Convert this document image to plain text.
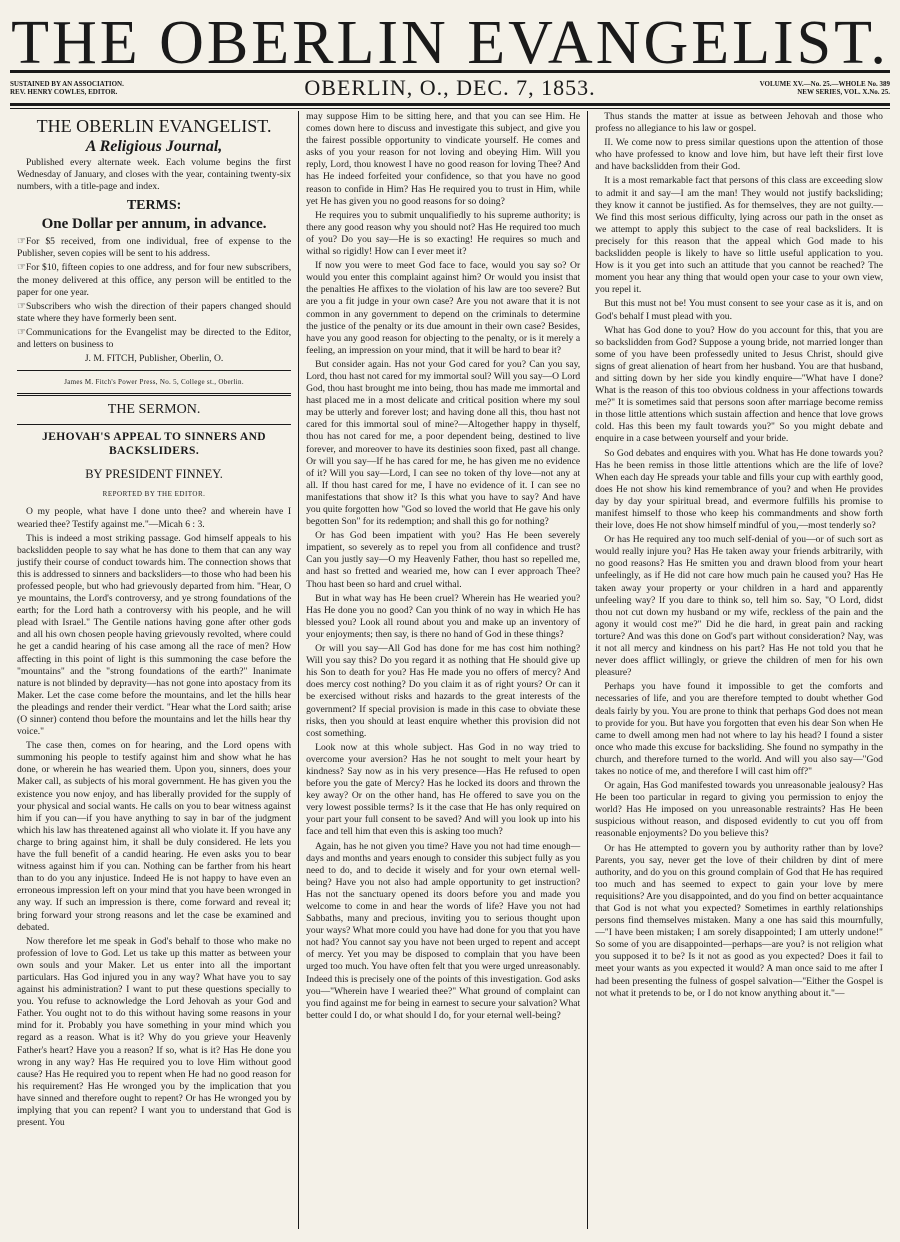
THE OBERLIN EVANGELIST.
SUSTAINED BY AN ASSOCIATION.
REV. HENRY COWLES, EDITOR.	OBERLIN, O., DEC. 7, 1853.	VOLUME XV.—No. 25.—WHOLE No. 389
NEW SERIES, VOL. X.No. 25.
THE OBERLIN EVANGELIST.
A Religious Journal,

Published every alternate week. Each volume begins the first Wednesday of January, and closes with the year, containing twenty-six numbers, with a title-page and index.

TERMS:
One Dollar per annum, in advance.
☞For $5 received, from one individual, free of expense to the Publisher, seven copies will be sent to his address.
☞For $10, fifteen copies to one address, and for four new subscribers, the money delivered at this office, any person will be entitled to the paper for one year.
☞Subscribers who wish the direction of their papers changed should state where they have formerly been sent.
☞Communications for the Evangelist may be directed to the Editor, and letters on business to
J. M. FITCH, Publisher, Oberlin, O.
James M. Fitch's Power Press, No. 5, College st., Oberlin.
THE SERMON.
JEHOVAH'S APPEAL TO SINNERS AND BACKSLIDERS.
BY PRESIDENT FINNEY.
REPORTED BY THE EDITOR.

O my people, what have I done unto thee? and wherein have I wearied thee? Testify against me."—Micah 6 : 3.

This is indeed a most striking passage. God himself appeals to his backslidden people to say what he has done to them that can any way justify their course of conduct towards him. The connection shows that this is addressed to sinners and backsliders—to those who had been his professed people, but who had grievously departed from him. "Hear, O ye mountains, the Lord's controversy, and ye strong foundations of the earth; for the Lord hath a controversy with his people, and he will plead with Israel." The Gentile nations having gone after other gods and all his own chosen people having grievously revolted, where could he get a candid hearing of his case among all the race of men? How affecting in this point of light is this summoning the case before the "mountains" and the "strong foundations of the earth?" Inanimate nature is not blinded by depravity—has not gone into apostacy from its Maker. Let the case come before the mountains, and let the hills hear the pleadings and render their verdict. "Hear what the Lord saith; arise (O sinner) contend thou before the mountains and let the hills hear thy voice."

The case then, comes on for hearing, and the Lord opens with summoning his people to testify against him and show what he has done, or wherein he has wearied them. Upon you, sinners, does your Maker call, as subjects of his moral government. He has given you the existence you now enjoy, and has liberally provided for the supply of your physical and social wants. He calls on you to bear witness against him if you can—if you have anything to say in bar of the judgment which his law has threatened against all who violate it. If you have any charge to bring against him, it shall be duly considered. He lets you have the full benefit of a candid hearing. He even asks you to bear witness against him if you can. Nothing can be farther from his heart than to do you any injustice. Indeed He is not happy to have even an erroneous impression left on your mind that you have been wronged in any way. If such an impression is there, come forward and reveal it; bring forward your strong reasons and let the case be examined and debated.

Now therefore let me speak in God's behalf to those who make no profession of love to God. Let us take up this matter as between your own souls and your Maker. Let us enter into all the important particulars. Has God injured you in any way? What have you to say against his administration? I want to put these questions specially to you. You refuse to acknowledge the Lord Jehovah as your God and Father. You ought not to do this without having some reasons in your mind for it. Probably you have something in your mind which you regard as a reason. What is it? Why do you grieve your Heavenly Father's heart? Have you a reason? If so, what is it? Has He done you wrong in any way? Has He required you to love Him without good cause? Has He required you to repent when He had no good reason for his requirement? Has He wronged you by the implication that you have sinned and therefore ought to repent? Or has He wronged you by implying that you can repent? I want you to understand that God is present. You

may suppose Him to be sitting here, and that you can see Him. He comes down here to discuss and investigate this subject, and give you the fairest possible opportunity to vindicate yourself. He comes and asks of you your reason for not loving and obeying Him. Will you reply, Lord, thou knowest I have no good reason for loving Thee? And has He indeed forfeited your confidence, so that you have no good reason to confide in Him? Has He required you to trust in Him, while yet He has given you no good reasons for so doing?

He requires you to submit unqualifiedly to his supreme authority; is there any good reason why you should not? Has He required too much of you? Do you say—He is so exacting! He requires so much and withal so rigidly! How can I ever meet it?

If now you were to meet God face to face, would you say so? Or would you enter this complaint against him? Or would you insist that the penalties He affixes to the violation of his law are too severe? But are you a fit judge in your own case? Are you not aware that it is not common in any government to depend on the criminals to determine the justice of the penalty or its due amount in their own case? Besides, have you any good reason for objecting to the penalty, or is it merely a feeling, an impression on your mind, that it will be hard to bear it?

But consider again. Has not your God cared for you? Can you say, Lord, thou hast not cared for my immortal soul? Will you say—O Lord God, thou hast brought me into being, thou has made me immortal and hast placed me in a most delicate and critical position where my soul may be utterly and forever lost; and having done all this, thou hast not cared for this immortal soul of mine?—Altogether happy in thyself, thou has not cared for me, a poor dependent being, destined to live forever, and moreover to have its destinies soon fixed, past all change. Or will you say—If he has cared for me, he has given me no evidence of it? Will you say—Lord, I can see no token of thy love—not any at all. If thou hast cared for me, I have no evidence of it. I can see no manifestations that show it? Is this what you have to say? And have you quite forgotten how "God so loved the world that He gave his only begotten Son" for its redemption; and shall this go for nothing?

Or has God been impatient with you? Has He been severely impatient, so severely as to repel you from all confidence and trust? Can you justly say—O my Heavenly Father, thou hast so repelled me, and hast so fretted and wearied me, how can I ever approach Thee? Thou hast been so hard and cruel withal.

But in what way has He been cruel? Wherein has He wearied you? Has He done you no good? Can you think of no way in which He has blessed you? Look all round about you and make up an inventory of your enjoyments; then say, is there no hand of God in these things?

Or will you say—All God has done for me has cost him nothing? Will you say this? Do you regard it as nothing that He should give up his Son to death for you? Has He made you no offers of mercy? And does mercy cost nothing? Do you claim it as of right yours? Or can it be exercised without risks and hazards to the great interests of the government? If special provision is made in this case to obviate these risks, then you should at least enquire whether this provision did not cost something.

Look now at this whole subject. Has God in no way tried to overcome your aversion? Has he not sought to melt your heart by kindness? Say now as in his very presence—Has He refused to open before you the gate of Mercy? Has he locked its doors and thrown the key away? Or on the other hand, has He offered to save you on the very lowest possible terms? Is it the case that He has only required on your part your full consent to be saved? And will you look up into his face and tell him that even this is asking too much?

Again, has he not given you time? Have you not had time enough—days and months and years enough to consider this subject fully as you need to do, and to decide it wisely and for your own eternal well-being? Have you not also had ample opportunity to get instruction? Has not the sanctuary opened its doors before you and made you welcome to come in and hear the words of life? Have you not had Sabbaths, many and precious, inviting you to serious thought upon your ways? What more could you have had done for you that you have not had? You cannot say you have not been urged to repent and accept of mercy. Yet you may be disposed to complain that you have been urged too much. You have often felt that you were urged unreasonably. Indeed this is precisely one of the points of this investigation. God asks you—"Wherein have I wearied thee?" What ground of complaint can you find against me for being in earnest to secure your salvation? What better could I do, or what should I do, for your eternal well-being?

Thus stands the matter at issue as between Jehovah and those who profess no allegiance to his law or gospel.

II. We come now to press similar questions upon the attention of those who have professed to know and love him, but have left their first love and have backslidden from their God.

It is a most remarkable fact that persons of this class are exceeding slow to admit it and say—I am the man! They would not justify backsliding; they know it cannot be justified. As for themselves, they are not guilty.—We find this most serious difficulty, lying across our path in the onset as we attempt to apply this subject to the case of real backsliders. It is precisely for this reason that the appeal which God made to his backslidden people is likely to have so little useful application to you. How is it you get into such an attitude that you cannot be reached? The moment you hear any thing that would open your case to your own view, you repel it.

But this must not be! You must consent to see your case as it is, and on God's behalf I must plead with you.

What has God done to you? How do you account for this, that you are so backslidden from God? Suppose a young bride, not married longer than some of you have been professedly united to Jesus Christ, should give signs of great alienation of heart from her husband. You are that husband, and sitting down by her side you kindly enquire—"What have I done? What is the reason of this too obvious coldness in your affections towards me?" It is sometimes said that persons soon after marriage become remiss in those little attentions which sustain affection and hence that love grows cold. Has this been my fault towards you?" So you might debate and enquire in a case between yourself and your bride.

So God debates and enquires with you. What has He done towards you? Has he been remiss in those little attentions which are the life of love? When each day He spreads your table and fills your cup with earthly good, does He not show his kind remembrance of you? and when He provides day by day your spiritual bread, and evermore fulfills his promise to manifest himself to those who keep his commandments and show forth their love, does He not show himself mindful of you,—most tenderly so?

Or has He required any too much self-denial of you—or of such sort as would really injure you? Has He taken away your friends arbitrarily, with no good reasons? Has He smitten you and drawn blood from your heart unfeelingly, as if He did not care how much pain he caused you? Has He taken away your property or your children in a hard and apparently unfeeling way? If you dare to think so, tell him so. Say, "O Lord, didst thou not cut down my husband or my wife, reckless of the pain and the agony it would cost me?" Did he die hard, in great pain and racking torture? And was this done on God's part without consideration? Nay, was it not all mercy and kindness on his part? Has He not told you that he never does afflict willingly, or grieve the children of men for his own pleasure?

Perhaps you have found it impossible to get the comforts and necessaries of life, and you are therefore tempted to doubt whether God deals fairly by you. You are prone to think that perhaps God does not mean to provide for you. But have you forgotten that even his dear Son when He came to dwell among men had not where to lay his head? I found a sister once who made this excuse for backsliding. She found no sympathy in the church, and therefore turned to the world. And will you also say—"God takes no notice of me, and therefore I will cast him off?"

Or again, Has God manifested towards you unreasonable jealousy? Has He been too particular in regard to giving you permission to enjoy the world? Has He imposed on you unreasonable restraints? Has He been suspicious without reason, and disposed evidently to cut you off from reasonable enjoyments? Do you believe this?

Or has He attempted to govern you by authority rather than by love? Parents, you say, never get the love of their children by dint of mere authority, and do you on this ground complain of God that He has required too much and has seemed to expect to gain your love by mere requisitions? Are you disappointed, and do you find on better acquaintance that God is not what you expected? Sometimes in earthly relationships persons find themselves mistaken. Many a one has said this mournfully,—"I have been mistaken; I am sorely disappointed; I am utterly undone!" So some of you are disappointed—perhaps—are you? is not religion what you supposed it to be? Is it not as good as you expected? Does it fail to meet your wants as you expected it would? A man once said to me after I had been presenting the fulness of gospel salvation—"Either the Gospel is not what it pretends to be, or I do not know anything about it."—
